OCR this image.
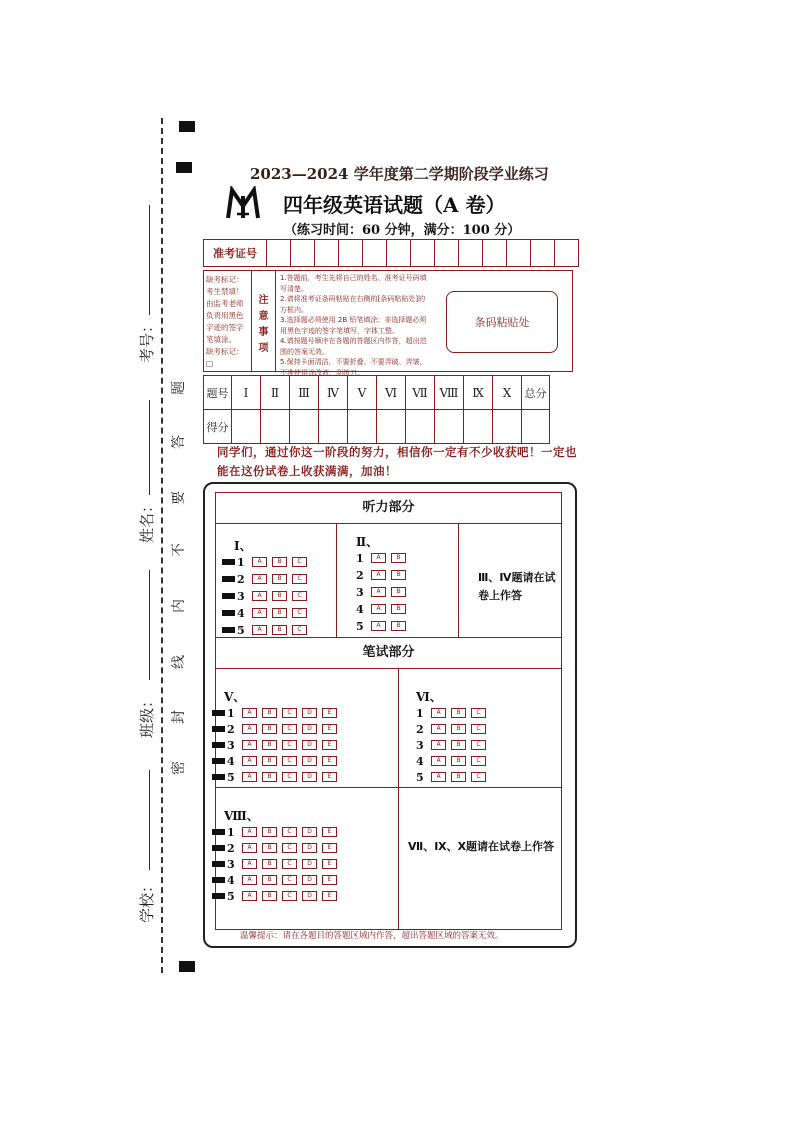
考号：
姓名：
班级：
学校：
题
答
要
不
内
线
封
密
2023—2024 学年度第二学期阶段学业练习
四年级英语试题（A 卷）
（练习时间：60 分钟，满分：100 分）
准考证号													
缺考标记：
考生禁填！
由监考老师
负责用黑色
字迹的签字
笔填涂。
缺考标记：
□
注
意
事
项
1.答题前，考生先将自己的姓名、准考证号码填写清楚。
2.请将准考证条码粘贴在右侧的[条码粘贴处]的方框内。
3.选择题必须使用 2B 铅笔填涂；非选择题必须用黑色字迹的签字笔填写，字体工整。
4.请按题号顺序在各题的答题区内作答，超出范围的答案无效。
5.保持卡面清洁，不要折叠、不要弄破、弄皱，不准使用涂改液、刮纸刀。
条码粘贴处
题号	Ⅰ	Ⅱ	Ⅲ	Ⅳ	Ⅴ	Ⅵ	Ⅶ	Ⅷ	Ⅸ	Ⅹ	总分
得分											
同学们，通过你这一阶段的努力，相信你一定有不少收获吧！一定也能在这份试卷上收获满满，加油！
听力部分
Ⅲ、Ⅳ题请在试卷上作答
笔试部分
Ⅶ、Ⅸ、Ⅹ题请在试卷上作答
Ⅰ、
1	A	B	C
2	A	B	C
3	A	B	C
4	A	B	C
5	A	B	C
Ⅱ、
1	A	B
2	A	B
3	A	B
4	A	B
5	A	B
Ⅴ、
1	A	B	C	D	E
2	A	B	C	D	E
3	A	B	C	D	E
4	A	B	C	D	E
5	A	B	C	D	E
Ⅵ、
1	A	B	C
2	A	B	C
3	A	B	C
4	A	B	C
5	A	B	C
Ⅷ、
1	A	B	C	D	E
2	A	B	C	D	E
3	A	B	C	D	E
4	A	B	C	D	E
5	A	B	C	D	E
温馨提示：请在各题目的答题区域内作答，超出答题区域的答案无效。
